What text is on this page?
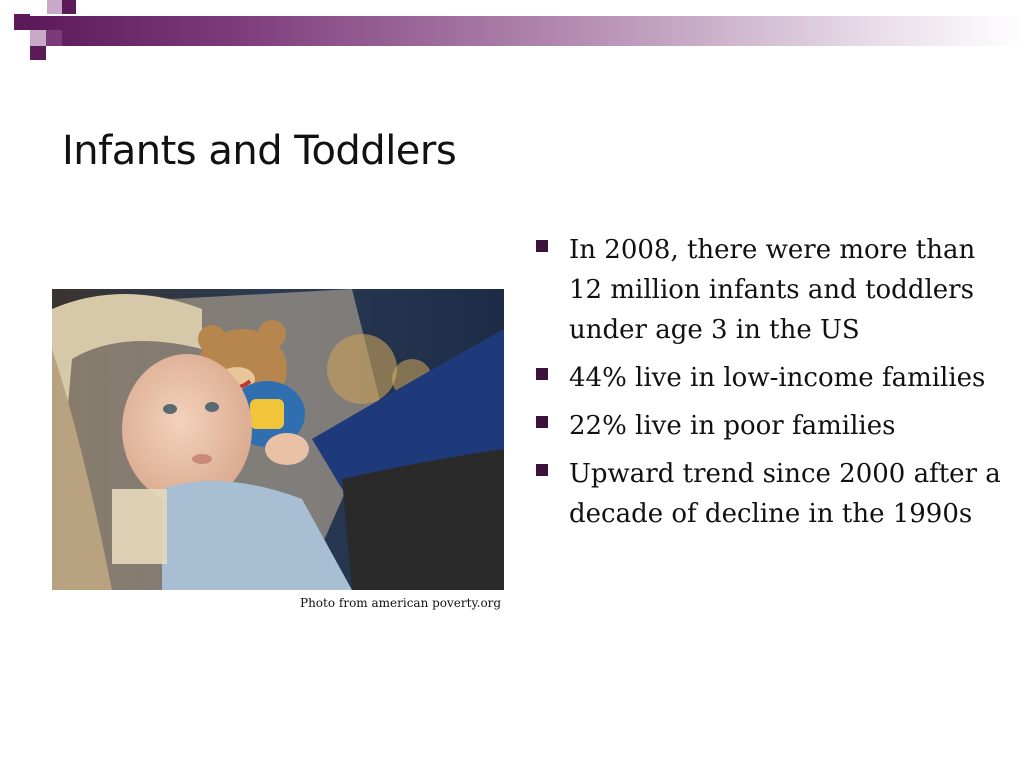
Infants and Toddlers
Photo from american poverty.org
In 2008, there were more than 12 million infants and toddlers under age 3 in the US
44% live in low-income families
22% live in poor families
Upward trend since 2000 after a decade of decline in the 1990s
